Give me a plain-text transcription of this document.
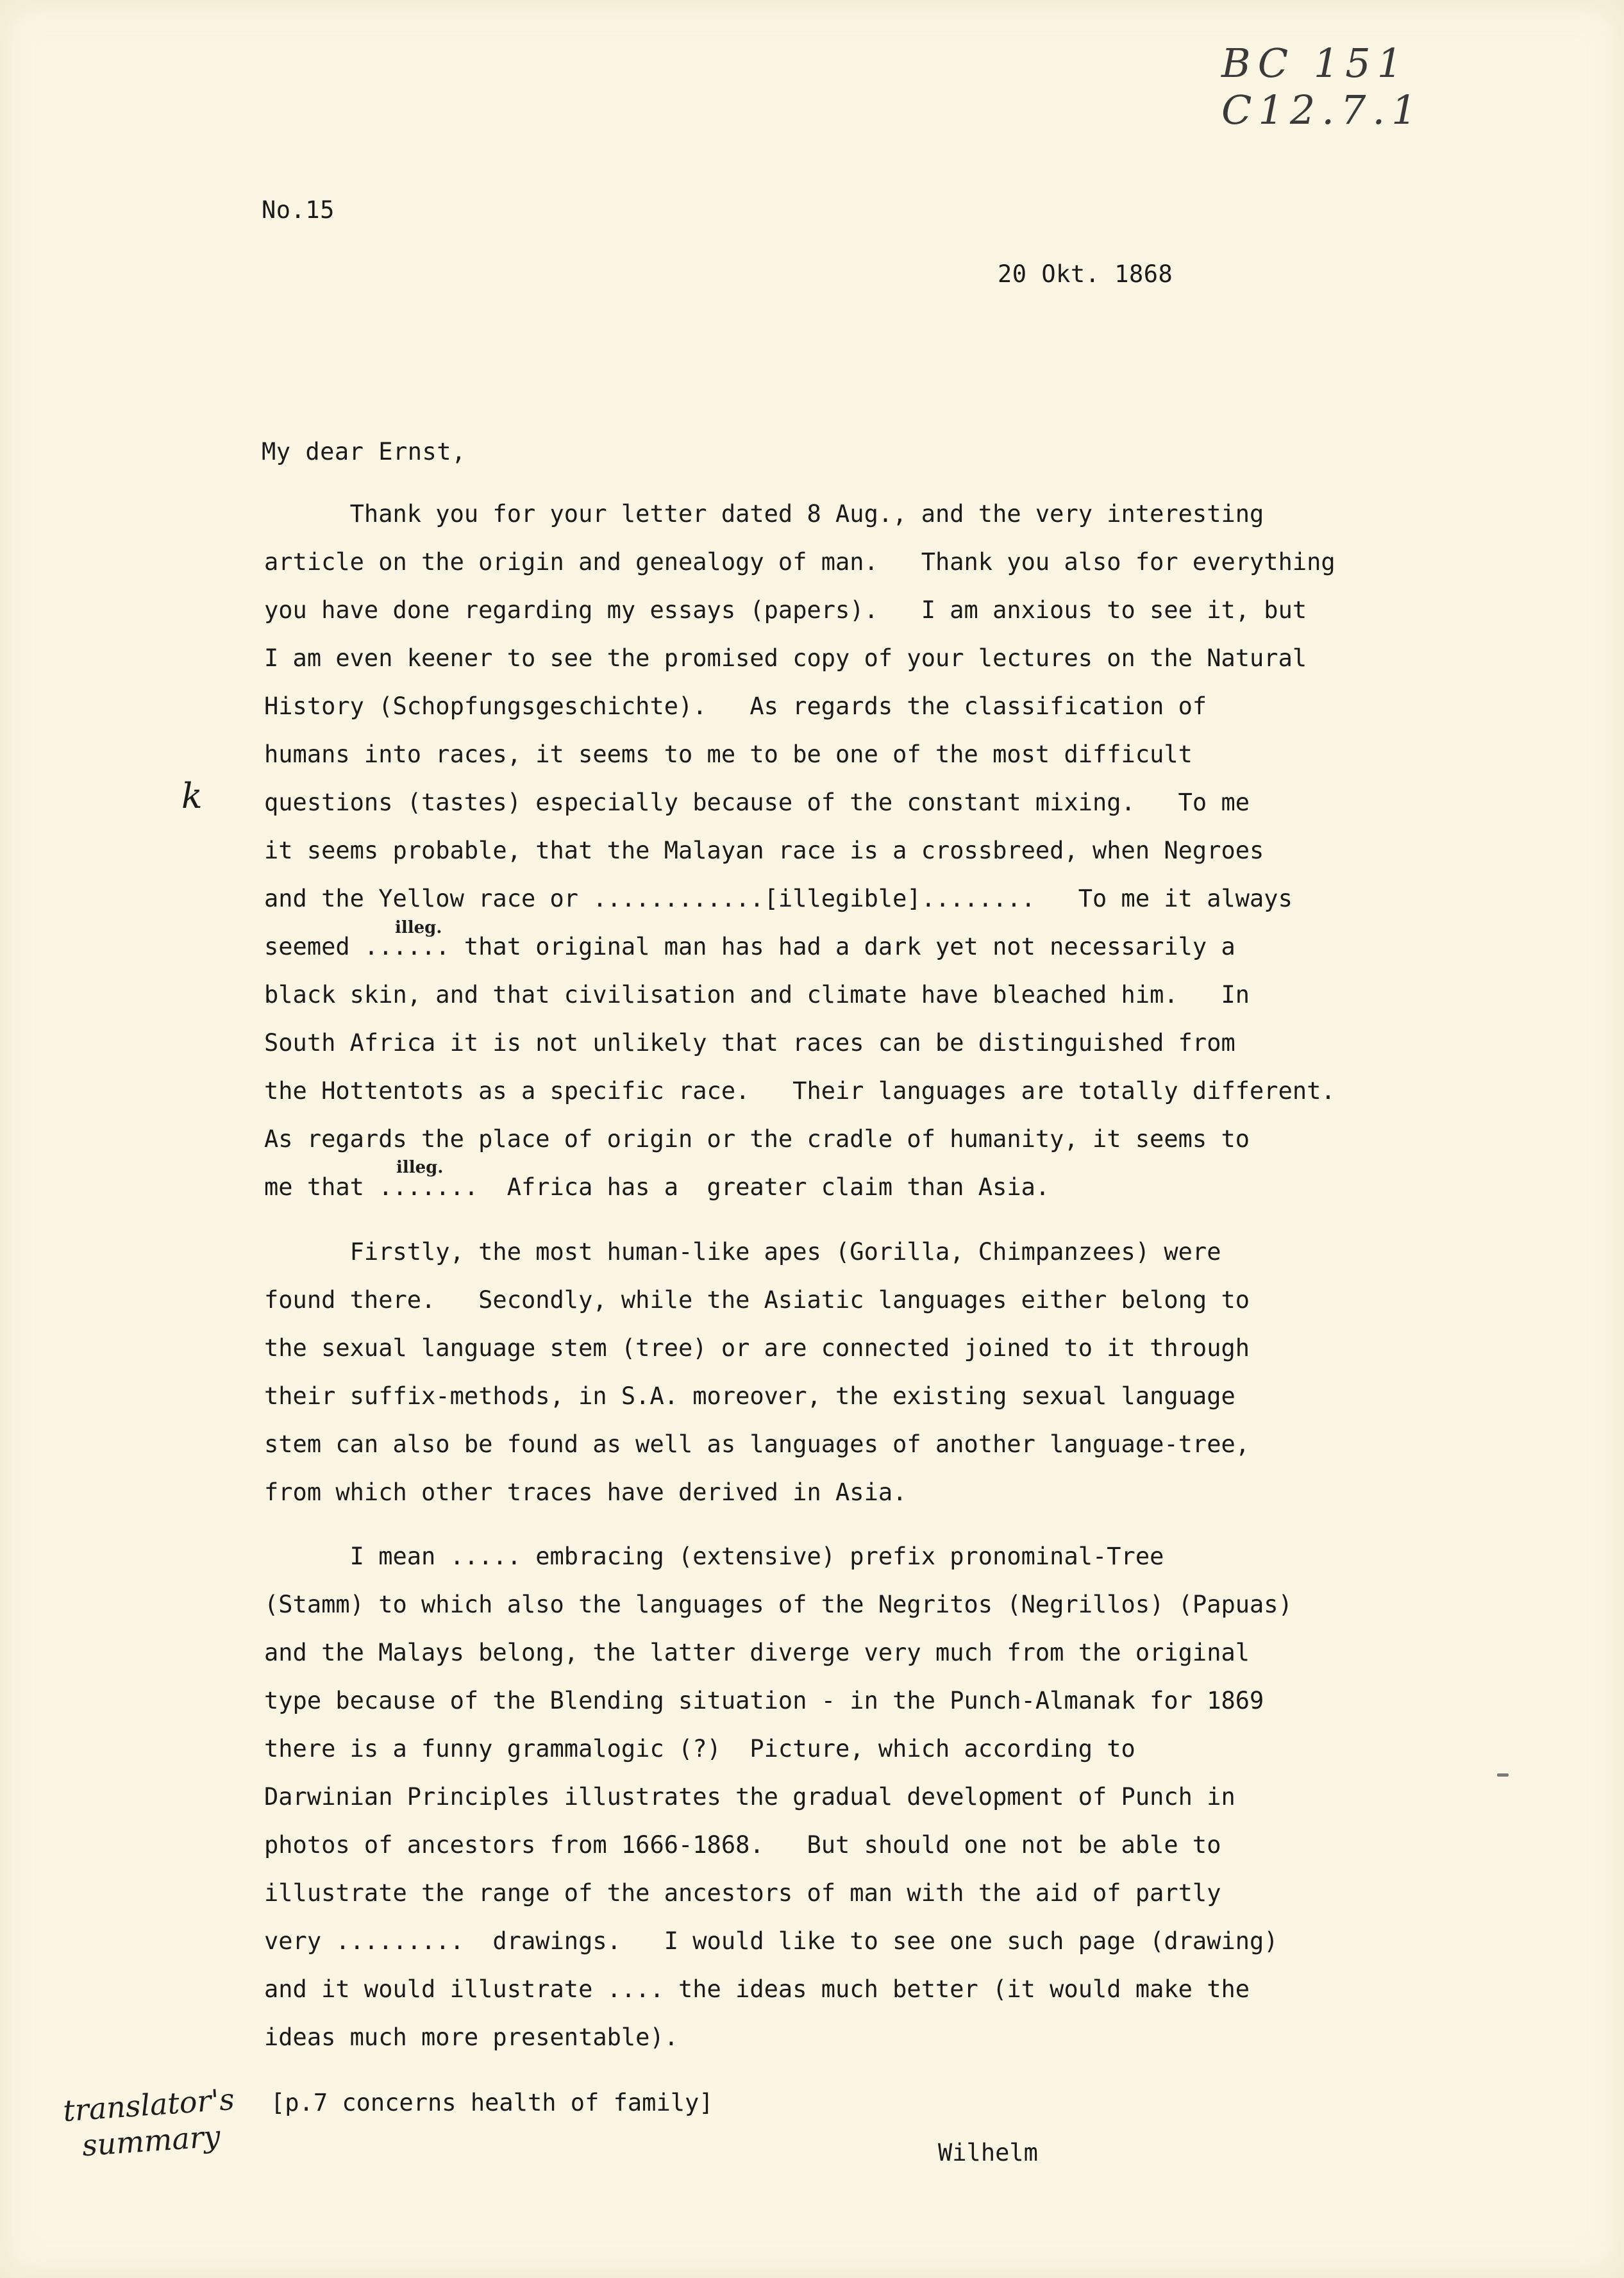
BC 151 C12.7.1
No.15
20 Okt. 1868
My dear Ernst,
Thank you for your letter dated 8 Aug., and the very interesting
article on the origin and genealogy of man.   Thank you also for everything
you have done regarding my essays (papers).   I am anxious to see it, but
I am even keener to see the promised copy of your lectures on the Natural
History (Schopfungsgeschichte).   As regards the classification of
humans into races, it seems to me to be one of the most difficult
questions (tastes) especially because of the constant mixing.   To me
it seems probable, that the Malayan race is a crossbreed, when Negroes
and the Yellow race or ............[illegible]........   To me it always
seemed ...... that original man has had a dark yet not necessarily a
black skin, and that civilisation and climate have bleached him.   In
South Africa it is not unlikely that races can be distinguished from
the Hottentots as a specific race.   Their languages are totally different.
As regards the place of origin or the cradle of humanity, it seems to
me that .......  Africa has a  greater claim than Asia.
Firstly, the most human-like apes (Gorilla, Chimpanzees) were
found there.   Secondly, while the Asiatic languages either belong to
the sexual language stem (tree) or are connected joined to it through
their suffix-methods, in S.A. moreover, the existing sexual language
stem can also be found as well as languages of another language-tree,
from which other traces have derived in Asia.
I mean ..... embracing (extensive) prefix pronominal-Tree
(Stamm) to which also the languages of the Negritos (Negrillos) (Papuas)
and the Malays belong, the latter diverge very much from the original
type because of the Blending situation - in the Punch-Almanak for 1869
there is a funny grammalogic (?)  Picture, which according to
Darwinian Principles illustrates the gradual development of Punch in
photos of ancestors from 1666-1868.   But should one not be able to
illustrate the range of the ancestors of man with the aid of partly
very .........  drawings.   I would like to see one such page (drawing)
and it would illustrate .... the ideas much better (it would make the
ideas much more presentable).
[p.7 concerns health of family]
Wilhelm
k
illeg.
illeg.
translator's
summary
